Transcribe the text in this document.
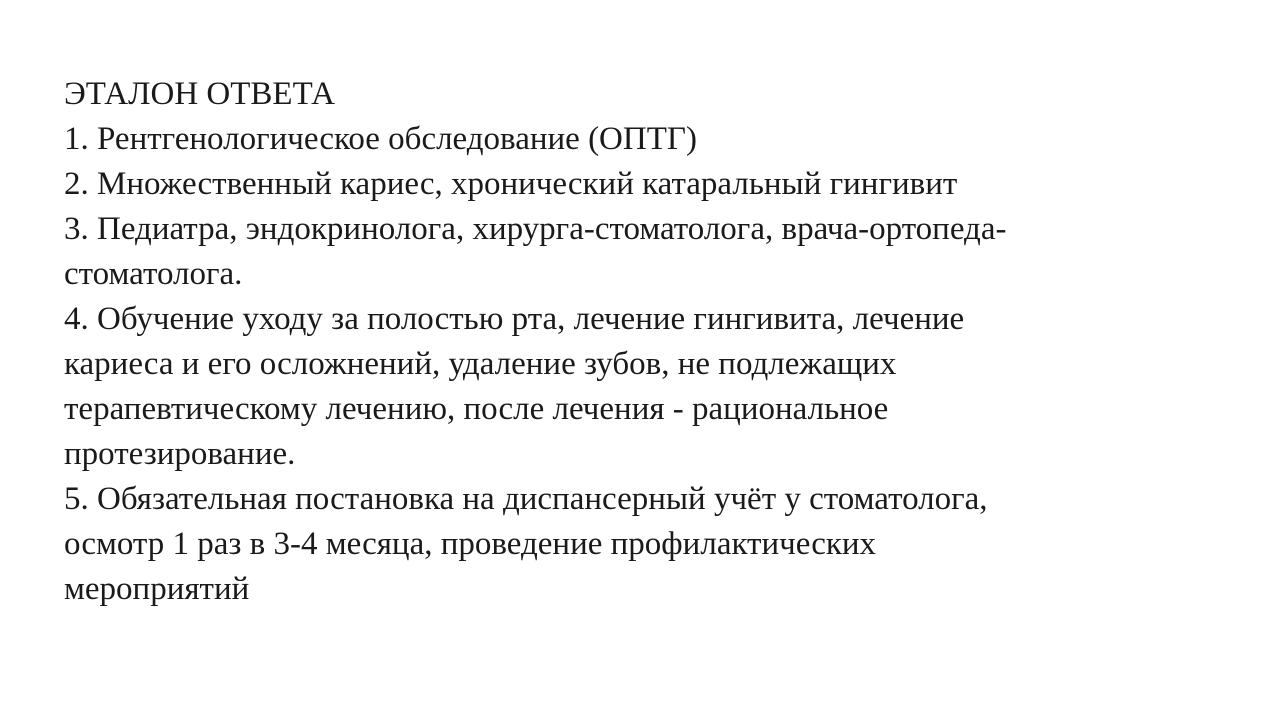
ЭТАЛОН ОТВЕТА
1. Рентгенологическое обследование (ОПТГ)
2. Множественный кариес, хронический катаральный гингивит
3. Педиатра, эндокринолога, хирурга-стоматолога, врача-ортопеда-
стоматолога.
4. Обучение уходу за полостью рта, лечение гингивита, лечение
кариеса и его осложнений, удаление зубов, не подлежащих
терапевтическому лечению, после лечения - рациональное
протезирование.
5. Обязательная постановка на диспансерный учёт у стоматолога,
осмотр 1 раз в 3-4 месяца, проведение профилактических
мероприятий
